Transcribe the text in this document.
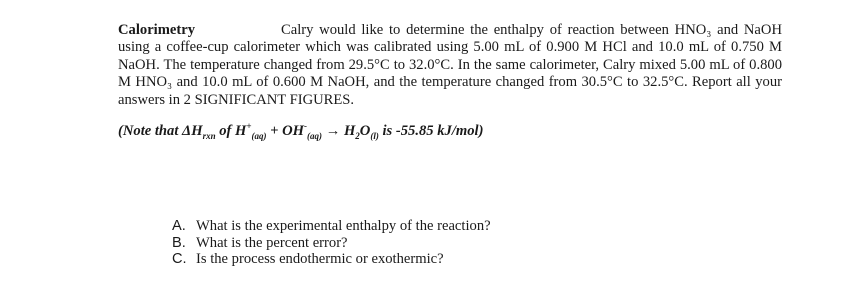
Calorimetry	Calry would like to determine the enthalpy of reaction between HNO₃ and NaOH using a coffee-cup calorimeter which was calibrated using 5.00 mL of 0.900 M HCl and 10.0 mL of 0.750 M NaOH. The temperature changed from 29.5°C to 32.0°C. In the same calorimeter, Calry mixed 5.00 mL of 0.800 M HNO₃ and 10.0 mL of 0.600 M NaOH, and the temperature changed from 30.5°C to 32.5°C. Report all your answers in 2 SIGNIFICANT FIGURES.

(Note that $\Delta H_{rxn}$ of $H^+_{(aq)} + OH^-_{(aq)} \to H_2O_{(l)}$ is -55.85 kJ/mol)

A. What is the experimental enthalpy of the reaction?
B. What is the percent error?
C. Is the process endothermic or exothermic?
